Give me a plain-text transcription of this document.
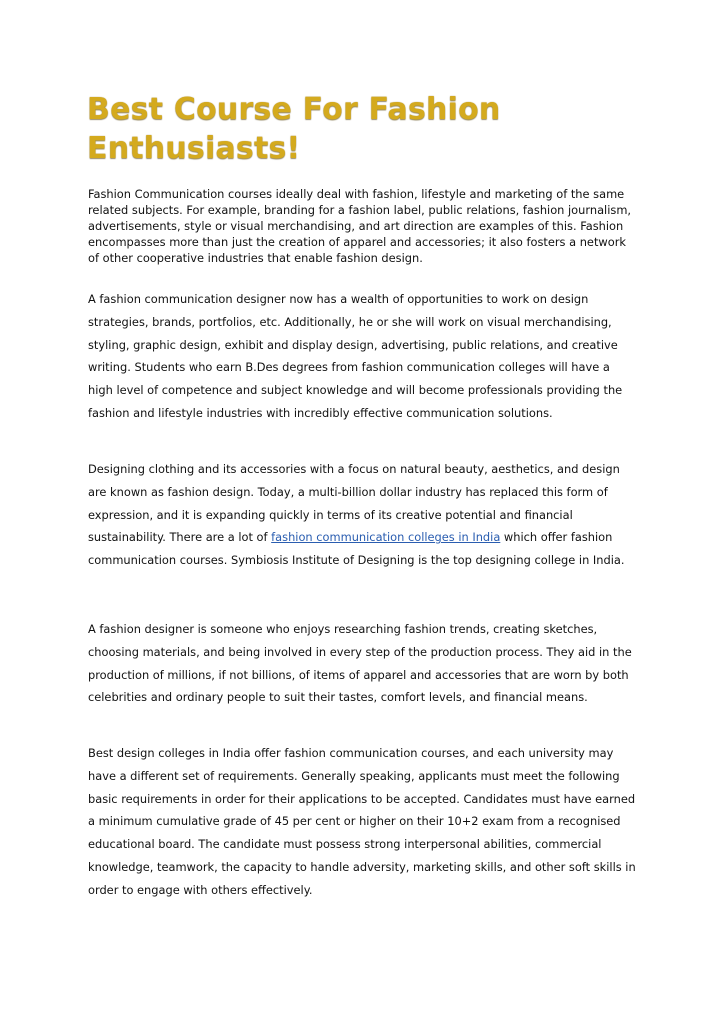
Best Course For Fashion Enthusiasts!

Fashion Communication courses ideally deal with fashion, lifestyle and marketing of the same related subjects. For example, branding for a fashion label, public relations, fashion journalism, advertisements, style or visual merchandising, and art direction are examples of this. Fashion encompasses more than just the creation of apparel and accessories; it also fosters a network of other cooperative industries that enable fashion design.

A fashion communication designer now has a wealth of opportunities to work on design strategies, brands, portfolios, etc. Additionally, he or she will work on visual merchandising, styling, graphic design, exhibit and display design, advertising, public relations, and creative writing. Students who earn B.Des degrees from fashion communication colleges will have a high level of competence and subject knowledge and will become professionals providing the fashion and lifestyle industries with incredibly effective communication solutions.

Designing clothing and its accessories with a focus on natural beauty, aesthetics, and design are known as fashion design. Today, a multi-billion dollar industry has replaced this form of expression, and it is expanding quickly in terms of its creative potential and financial sustainability. There are a lot of fashion communication colleges in India which offer fashion communication courses. Symbiosis Institute of Designing is the top designing college in India.

A fashion designer is someone who enjoys researching fashion trends, creating sketches, choosing materials, and being involved in every step of the production process. They aid in the production of millions, if not billions, of items of apparel and accessories that are worn by both celebrities and ordinary people to suit their tastes, comfort levels, and financial means.

Best design colleges in India offer fashion communication courses, and each university may have a different set of requirements. Generally speaking, applicants must meet the following basic requirements in order for their applications to be accepted. Candidates must have earned a minimum cumulative grade of 45 per cent or higher on their 10+2 exam from a recognised educational board. The candidate must possess strong interpersonal abilities, commercial knowledge, teamwork, the capacity to handle adversity, marketing skills, and other soft skills in order to engage with others effectively.
